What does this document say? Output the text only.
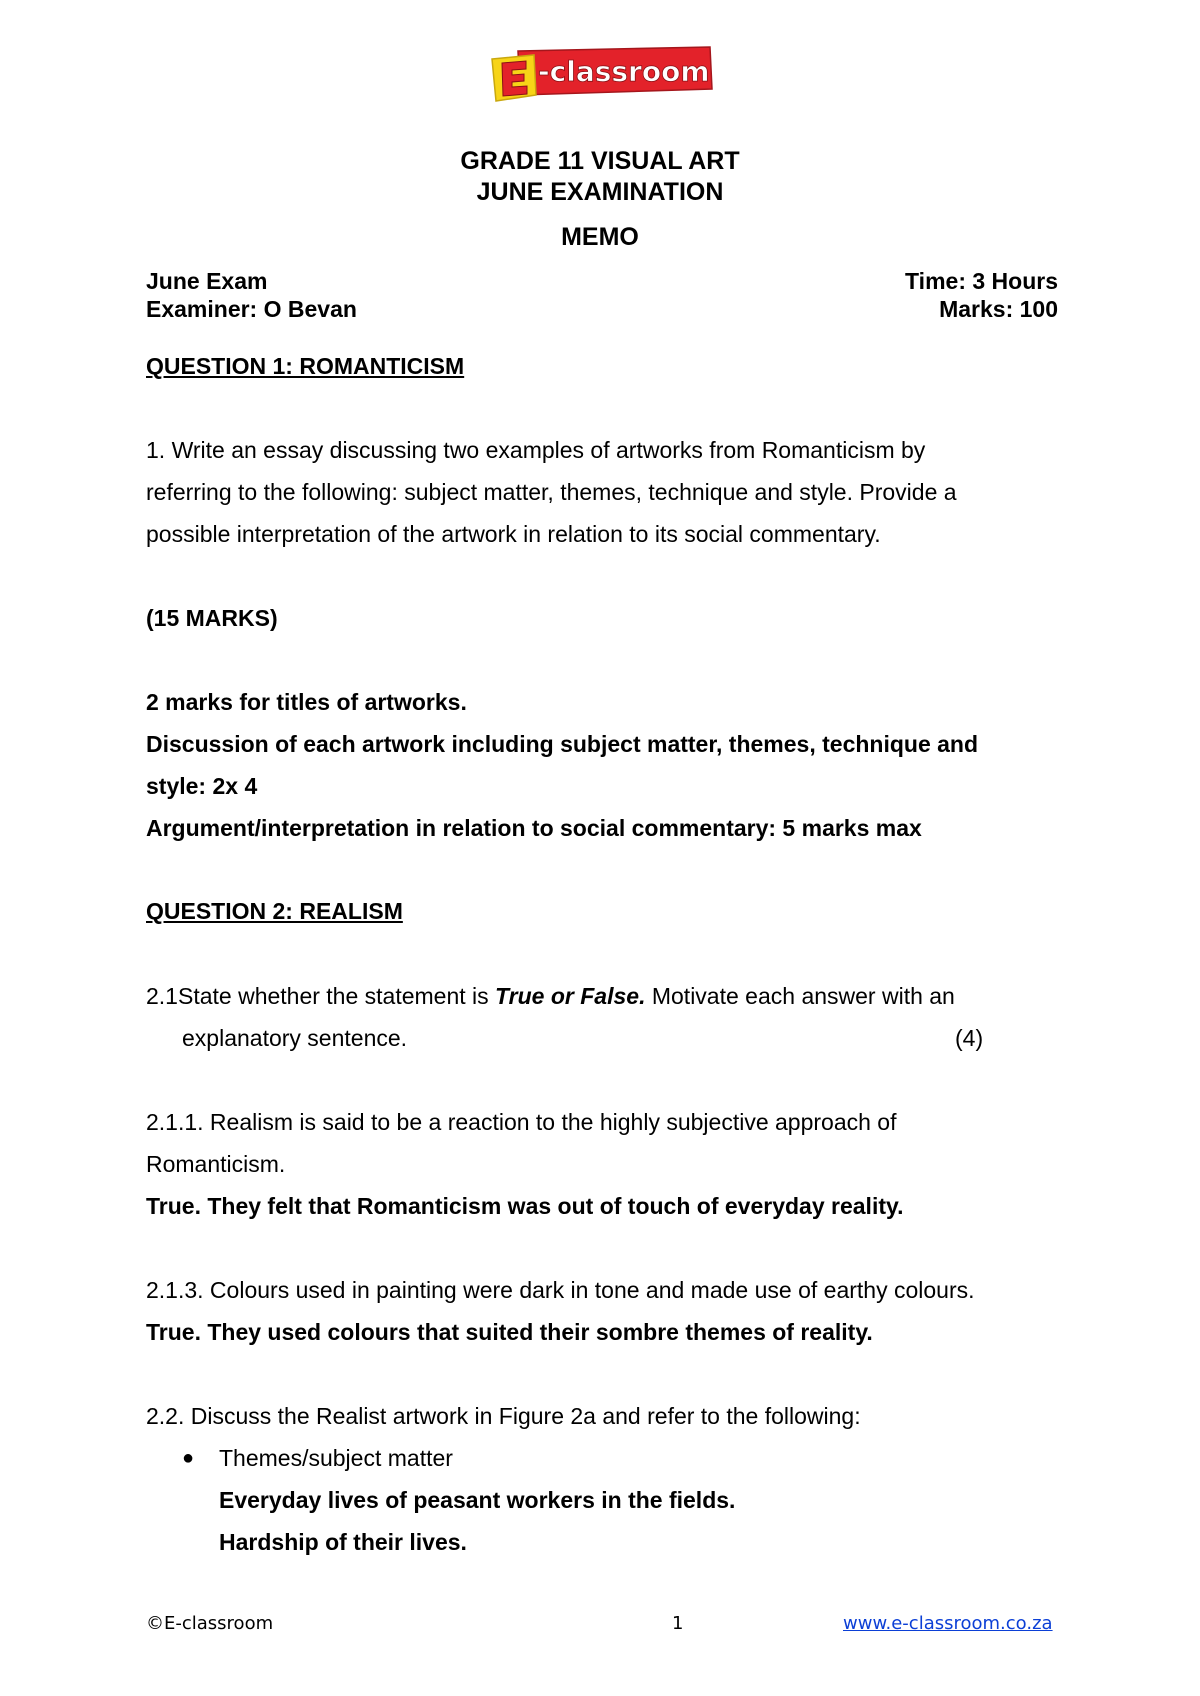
-classroom
GRADE 11 VISUAL ART
JUNE EXAMINATION
MEMO
June Exam	Time: 3 Hours
Examiner: O Bevan	Marks: 100
QUESTION 1: ROMANTICISM
1. Write an essay discussing two examples of artworks from Romanticism by
referring to the following: subject matter, themes, technique and style. Provide a
possible interpretation of the artwork in relation to its social commentary.
(15 MARKS)
2 marks for titles of artworks.
Discussion of each artwork including subject matter, themes, technique and
style: 2x 4
Argument/interpretation in relation to social commentary: 5 marks max
QUESTION 2: REALISM
2.1State whether the statement is True or False. Motivate each answer with an
explanatory sentence.	(4)
2.1.1. Realism is said to be a reaction to the highly subjective approach of
Romanticism.
True. They felt that Romanticism was out of touch of everyday reality.
2.1.3. Colours used in painting were dark in tone and made use of earthy colours.
True. They used colours that suited their sombre themes of reality.
2.2. Discuss the Realist artwork in Figure 2a and refer to the following:
● Themes/subject matter
Everyday lives of peasant workers in the fields.
Hardship of their lives.
©E-classroom	1	www.e-classroom.co.za
